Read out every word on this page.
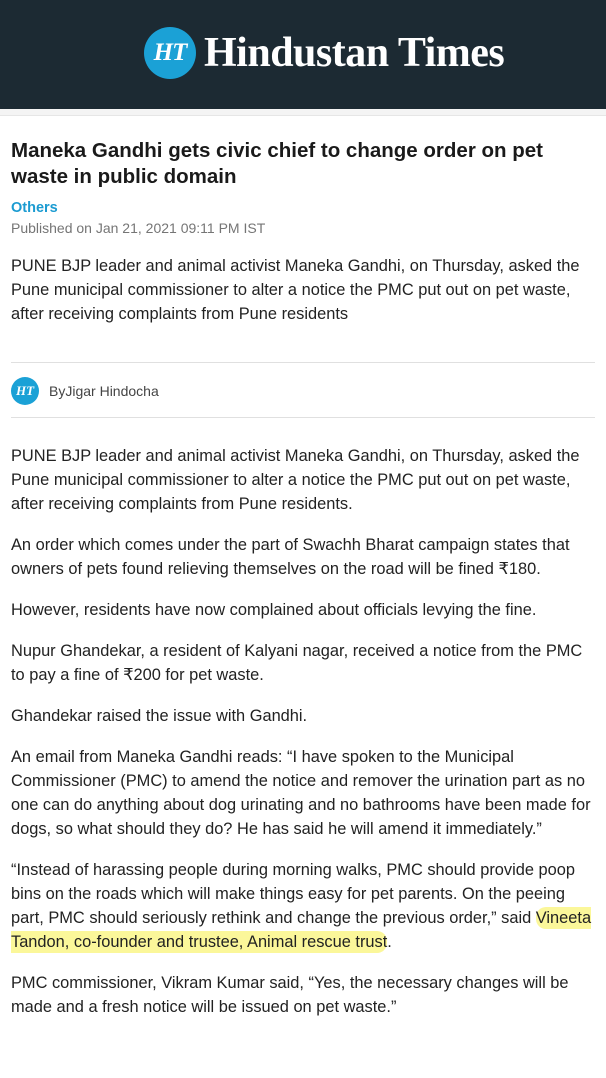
HT Hindustan Times
Maneka Gandhi gets civic chief to change order on pet waste in public domain
Others
Published on Jan 21, 2021 09:11 PM IST

PUNE BJP leader and animal activist Maneka Gandhi, on Thursday, asked the Pune municipal commissioner to alter a notice the PMC put out on pet waste, after receiving complaints from Pune residents

HT	ByJigar Hindocha

PUNE BJP leader and animal activist Maneka Gandhi, on Thursday, asked the Pune municipal commissioner to alter a notice the PMC put out on pet waste, after receiving complaints from Pune residents.

An order which comes under the part of Swachh Bharat campaign states that owners of pets found relieving themselves on the road will be fined ₹180.

However, residents have now complained about officials levying the fine.

Nupur Ghandekar, a resident of Kalyani nagar, received a notice from the PMC to pay a fine of ₹200 for pet waste.

Ghandekar raised the issue with Gandhi.

An email from Maneka Gandhi reads: “I have spoken to the Municipal Commissioner (PMC) to amend the notice and remover the urination part as no one can do anything about dog urinating and no bathrooms have been made for dogs, so what should they do? He has said he will amend it immediately.”

“Instead of harassing people during morning walks, PMC should provide poop bins on the roads which will make things easy for pet parents. On the peeing part, PMC should seriously rethink and change the previous order,” said Vineeta Tandon, co-founder and trustee, Animal rescue trust.

PMC commissioner, Vikram Kumar said, “Yes, the necessary changes will be made and a fresh notice will be issued on pet waste.”
